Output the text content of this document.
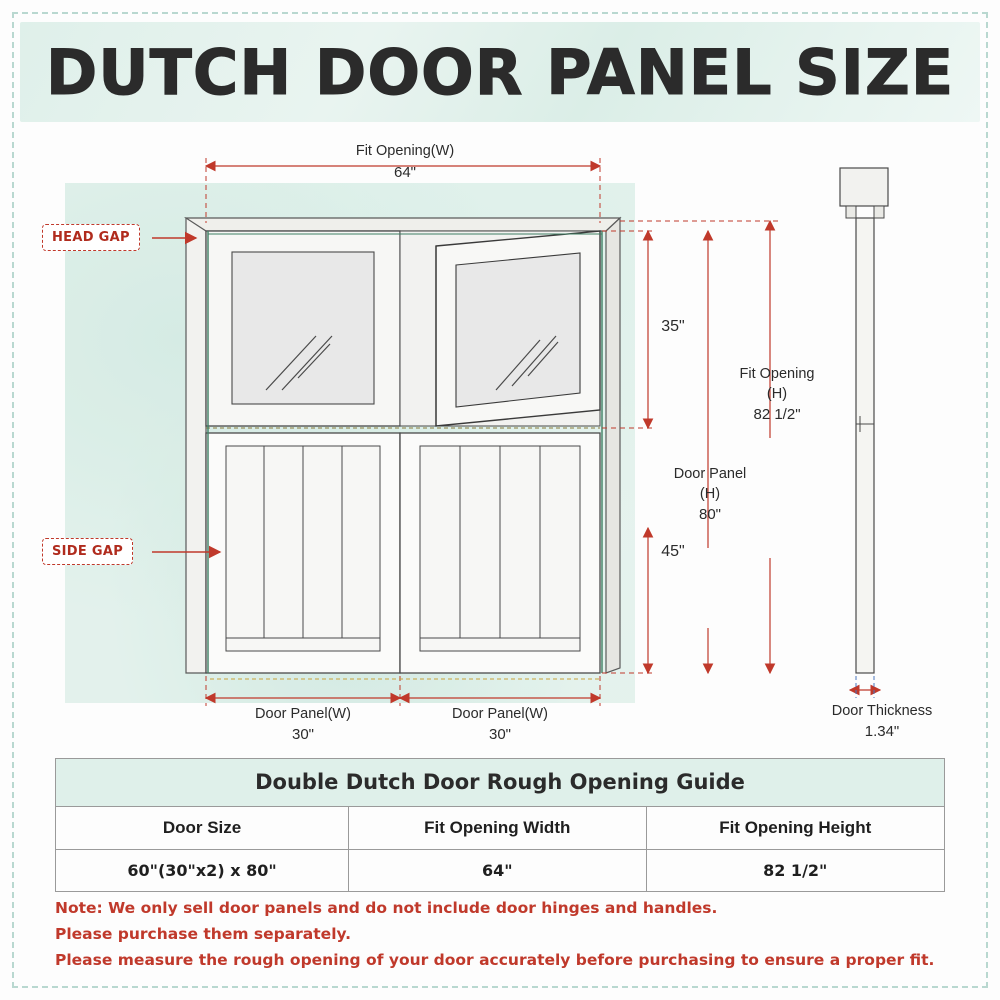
DUTCH DOOR PANEL SIZE
HEAD GAP
SIDE GAP
Fit Opening(W)
64"
35"
45"
Door Panel
(H)
80"
Fit Opening
(H)
82 1/2"
Door Panel(W)
30"
Door Panel(W)
30"
Door Thickness
1.34"
Double Dutch Door Rough Opening Guide
Door Size	Fit Opening Width	Fit Opening Height
60"(30"x2) x 80"	64"	82 1/2"
Note: We only sell door panels and do not include door hinges and handles.
Please purchase them separately.
Please measure the rough opening of your door accurately before purchasing to ensure a proper fit.
